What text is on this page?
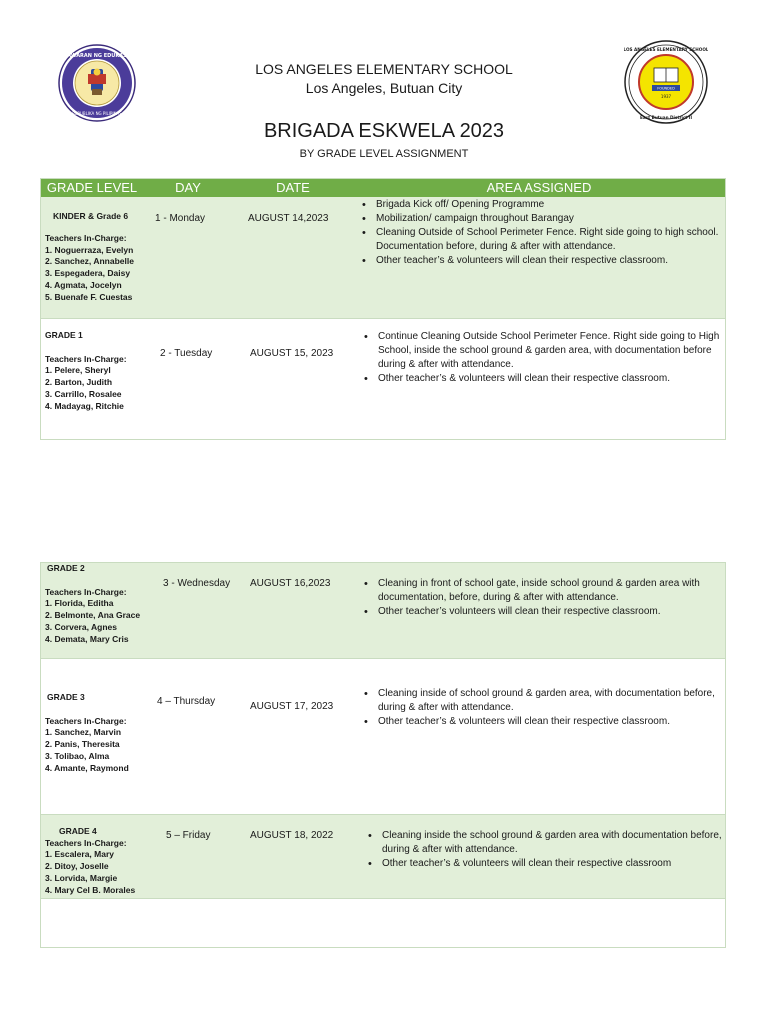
KAGAWARAN NG EDUKASYON
REPUBLIKA NG PILIPINAS
FOUNDED
1937
LOS ANGELES ELEMENTARY SCHOOL
East Butuan District II
LOS ANGELES ELEMENTARY SCHOOL
Los Angeles, Butuan City
BRIGADA ESKWELA 2023
BY GRADE LEVEL ASSIGNMENT
GRADE LEVEL	DAY	DATE	AREA ASSIGNED
KINDER & Grade 6
Teachers In-Charge:
1. Noguerraza, Evelyn
2. Sanchez, Annabelle
3. Espegadera, Daisy
4. Agmata, Jocelyn
5. Buenafe F. Cuestas
1 - Monday	AUGUST 14,2023
• Brigada Kick off/ Opening Programme
• Mobilization/ campaign throughout Barangay
• Cleaning Outside of School Perimeter Fence. Right side going to high school. Documentation before, during & after with attendance.
• Other teacher’s & volunteers will clean their respective classroom.
GRADE 1
Teachers In-Charge:
1. Pelere, Sheryl
2. Barton, Judith
3. Carrillo, Rosalee
4. Madayag, Ritchie
2 - Tuesday	AUGUST 15, 2023
• Continue Cleaning Outside School Perimeter Fence. Right side going to High School, inside the school ground & garden area, with documentation before during & after with attendance.
• Other teacher’s & volunteers will clean their respective classroom.
GRADE 2
Teachers In-Charge:
1. Florida, Editha
2. Belmonte, Ana Grace
3. Corvera, Agnes
4. Demata, Mary Cris
3 - Wednesday AUGUST 16,2023	• Cleaning in front of school gate, inside school ground & garden area with documentation, before, during & after with attendance.
• Other teacher’s volunteers will clean their respective classroom.
GRADE 3
Teachers In-Charge:
1. Sanchez, Marvin
2. Panis, Theresita
3. Tolibao, Alma
4. Amante, Raymond
4 – Thursday	AUGUST 17, 2023
• Cleaning inside of school ground & garden area, with documentation before, during & after with attendance.
• Other teacher’s & volunteers will clean their respective classroom.
GRADE 4
Teachers In-Charge:
1. Escalera, Mary
2. Ditoy, Joselle
3. Lorvida, Margie
4. Mary Cel B. Morales
5 – Friday	AUGUST 18, 2022	• Cleaning inside the school ground & garden area with documentation before, during & after with attendance.
• Other teacher’s & volunteers will clean their respective classroom
